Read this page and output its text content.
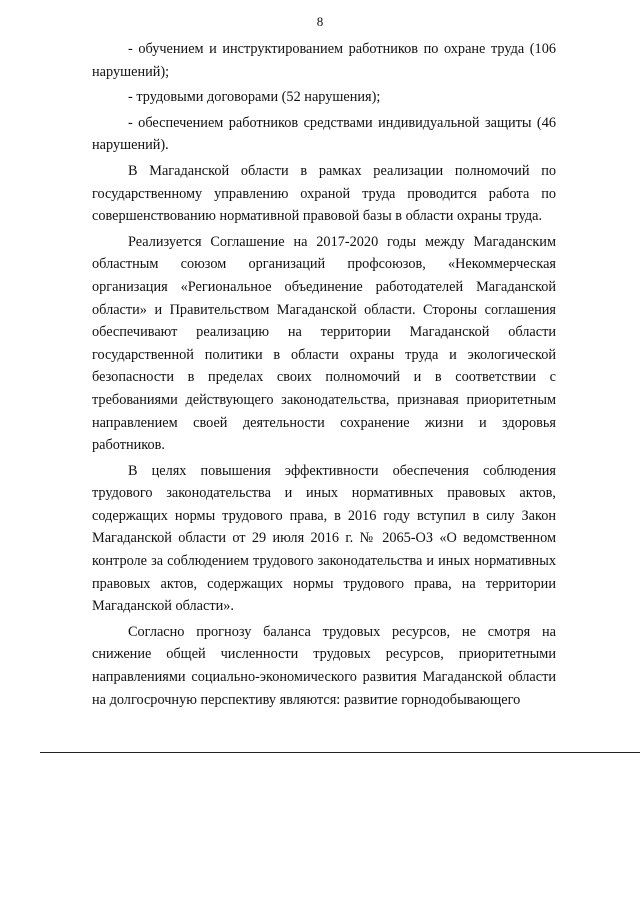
8

- обучением и инструктированием работников по охране труда (106 нарушений);

- трудовыми договорами (52 нарушения);

- обеспечением работников средствами индивидуальной защиты (46 нарушений).

В Магаданской области в рамках реализации полномочий по государственному управлению охраной труда проводится работа по совершенствованию нормативной правовой базы в области охраны труда.

Реализуется Соглашение на 2017-2020 годы между Магаданским областным союзом организаций профсоюзов, «Некоммерческая организация «Региональное объединение работодателей Магаданской области» и Правительством Магаданской области. Стороны соглашения обеспечивают реализацию на территории Магаданской области государственной политики в области охраны труда и экологической безопасности в пределах своих полномочий и в соответствии с требованиями действующего законодательства, признавая приоритетным направлением своей деятельности сохранение жизни и здоровья работников.

В целях повышения эффективности обеспечения соблюдения трудового законодательства и иных нормативных правовых актов, содержащих нормы трудового права, в 2016 году вступил в силу Закон Магаданской области от 29 июля 2016 г. № 2065-ОЗ «О ведомственном контроле за соблюдением трудового законодательства и иных нормативных правовых актов, содержащих нормы трудового права, на территории Магаданской области».

Согласно прогнозу баланса трудовых ресурсов, не смотря на снижение общей численности трудовых ресурсов, приоритетными направлениями социально-экономического развития Магаданской области на долгосрочную перспективу являются: развитие горнодобывающего
